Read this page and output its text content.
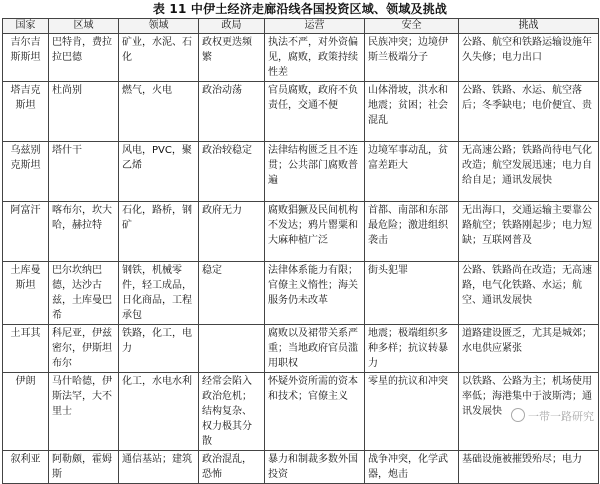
表 11 中伊土经济走廊沿线各国投资区域、领域及挑战
国家	区域	领域	政局	运营	安全	挑战
吉尔吉斯斯坦	巴特肯，费拉拉巴德	矿业，水泥、石化	政权更迭频繁	执法不严，对外资偏见，腐败，政策持续性差	民族冲突；边境伊斯兰极端分子	公路、航空和铁路运输设施年久失修；电力出口
塔吉克斯坦	杜尚别	燃气，火电	政治动荡	官员腐败，政府不负责任，交通不便	山体滑坡，洪水和地震；贫困；社会混乱	公路、铁路、水运、航空落后；冬季缺电；电价便宜、贵
乌兹别克斯坦	塔什干	风电，PVC，聚乙烯	政治较稳定	法律结构匮乏且不连贯；公共部门腐败普遍	边境军事动乱，贫富差距大	无高速公路；铁路尚待电气化改造；航空发展迅速；电力自给自足；通讯发展快
阿富汗	喀布尔，坎大哈，赫拉特	石化，路桥，钢矿	政府无力	腐败猖獗及民间机构不发达；鸦片罂粟和大麻种植广泛	首都、南部和东部最危险；激进组织袭击	无出海口，交通运输主要靠公路航空；铁路刚起步；电力短缺；互联网普及
土库曼斯坦	巴尔坎纳巴德，达沙古兹，土库曼巴希	钢铁，机械零件，轻工成品，日化商品，工程承包	稳定	法律体系能力有限；官僚主义惰性；海关服务仍未改革	街头犯罪	公路、铁路尚在改造；无高速路，电气化铁路、水运；航空、通讯发展快
土耳其	科尼亚，伊兹密尔，伊斯坦布尔	铁路，化工，电力		腐败以及裙带关系严重；当地政府官员滥用职权	地震；极端组织多种多样；抗议转暴力	道路建设匮乏，尤其是城郊；水电供应紧张
伊朗	马什哈德，伊斯法罕，大不里士	化工，水电水利	经常会陷入政治危机；结构复杂、权力极其分散	怀疑外资所需的资本和技术；官僚主义	零星的抗议和冲突	以铁路、公路为主；机场使用率低；海港集中于波斯湾；通讯发展快
叙利亚	阿勒颇，霍姆斯	通信基站；建筑	政治混乱，恐怖	暴力和制裁多数外国投资	战争冲突，化学武器，炮击	基础设施被摧毁殆尽；电力
一带一路研究
